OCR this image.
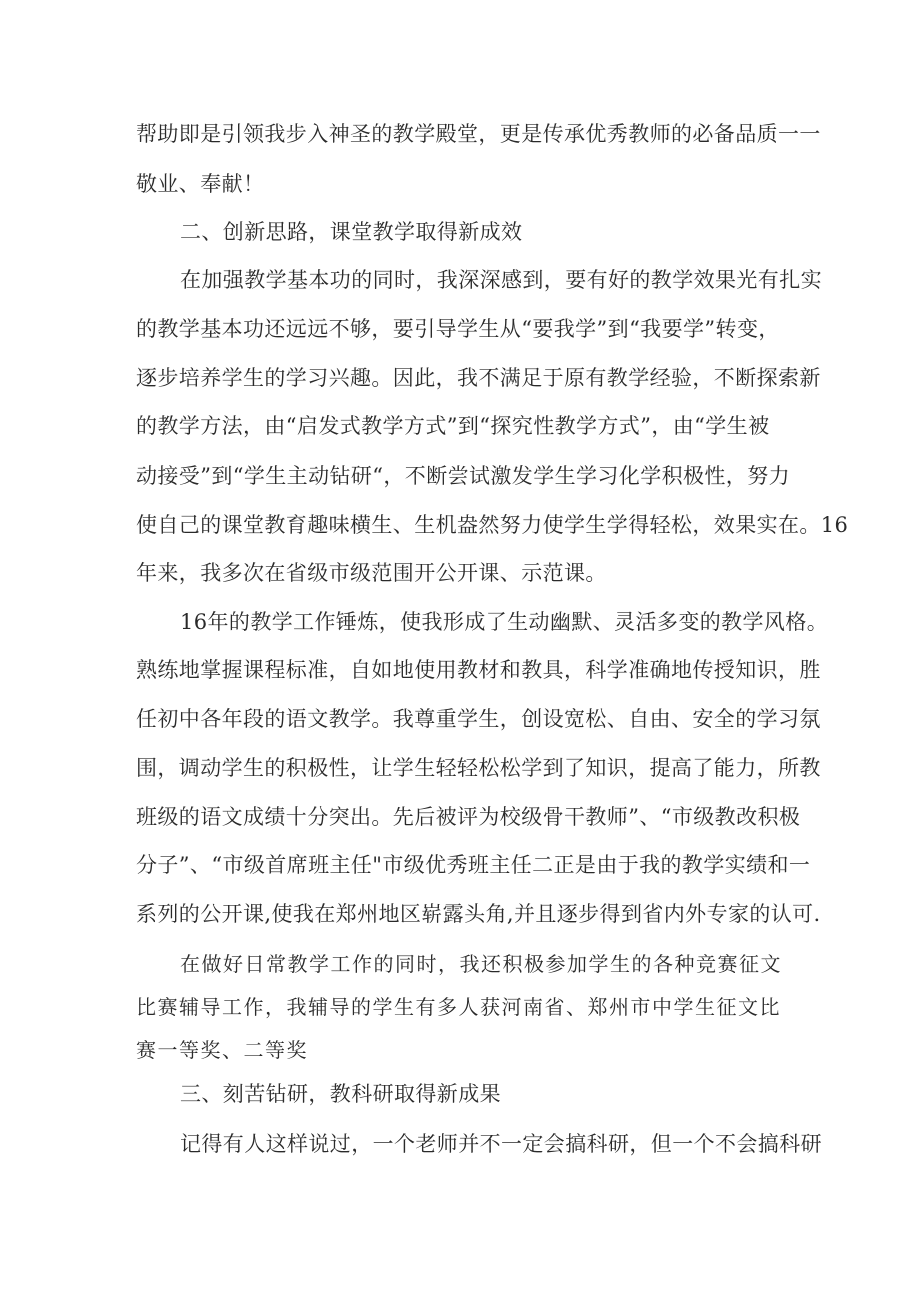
帮助即是引领我步入神圣的教学殿堂，更是传承优秀教师的必备品质一一
敬业、奉献！
二、创新思路，课堂教学取得新成效
在加强教学基本功的同时，我深深感到，要有好的教学效果光有扎实
的教学基本功还远远不够，要引导学生从“要我学”到“我要学”转变，
逐步培养学生的学习兴趣。因此，我不满足于原有教学经验，不断探索新
的教学方法，由“启发式教学方式”到“探究性教学方式”，由“学生被
动接受”到“学生主动钻研“，不断尝试激发学生学习化学积极性，努力
使自己的课堂教育趣味横生、生机盎然努力使学生学得轻松，效果实在。16
年来，我多次在省级市级范围开公开课、示范课。
16年的教学工作锤炼，使我形成了生动幽默、灵活多变的教学风格。
熟练地掌握课程标准，自如地使用教材和教具，科学准确地传授知识，胜
任初中各年段的语文教学。我尊重学生，创设宽松、自由、安全的学习氛
围，调动学生的积极性，让学生轻轻松松学到了知识，提高了能力，所教
班级的语文成绩十分突出。先后被评为校级骨干教师”、“市级教改积极
分子”、“市级首席班主任"市级优秀班主任二正是由于我的教学实绩和一
系列的公开课,使我在郑州地区崭露头角,并且逐步得到省内外专家的认可.
在做好日常教学工作的同时，我还积极参加学生的各种竞赛征文
比赛辅导工作，我辅导的学生有多人获河南省、郑州市中学生征文比
赛一等奖、二等奖
三、刻苦钻研，教科研取得新成果
记得有人这样说过，一个老师并不一定会搞科研，但一个不会搞科研
